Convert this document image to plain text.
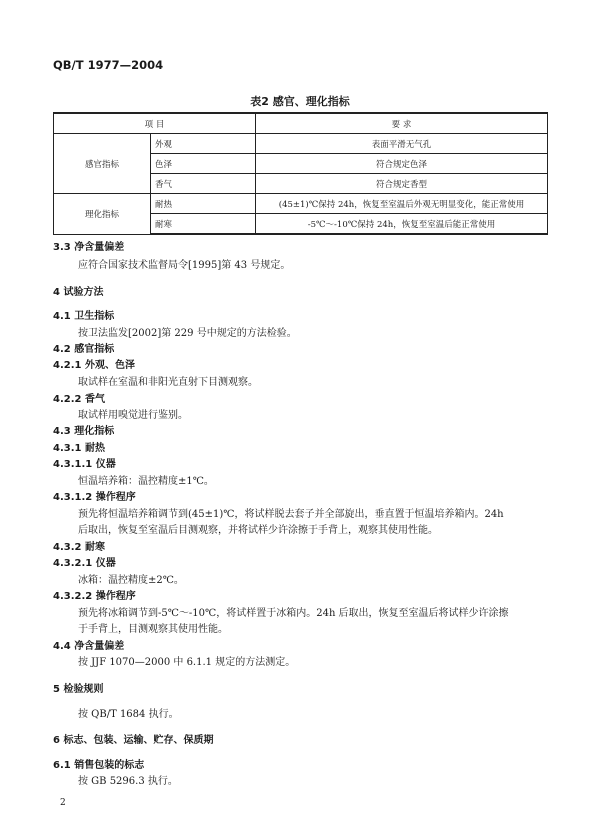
QB/T 1977—2004
表2 感官、理化指标
项 目		要 求
感官指标	外观	表面平滑无气孔
	色泽	符合规定色泽
	香气	符合规定香型
理化指标	耐热	(45±1)℃保持 24h，恢复至室温后外观无明显变化，能正常使用
	耐寒	-5℃～-10℃保持 24h，恢复至室温后能正常使用
3.3 净含量偏差
应符合国家技术监督局令[1995]第 43 号规定。
4 试验方法
4.1 卫生指标
按卫法监发[2002]第 229 号中规定的方法检验。
4.2 感官指标
4.2.1 外观、色泽
取试样在室温和非阳光直射下目测观察。
4.2.2 香气
取试样用嗅觉进行鉴别。
4.3 理化指标
4.3.1 耐热
4.3.1.1 仪器
恒温培养箱：温控精度±1℃。
4.3.1.2 操作程序
预先将恒温培养箱调节到(45±1)℃，将试样脱去套子并全部旋出，垂直置于恒温培养箱内。24h
后取出，恢复至室温后目测观察，并将试样少许涂擦于手背上，观察其使用性能。
4.3.2 耐寒
4.3.2.1 仪器
冰箱：温控精度±2℃。
4.3.2.2 操作程序
预先将冰箱调节到-5℃～-10℃，将试样置于冰箱内。24h 后取出，恢复至室温后将试样少许涂擦
于手背上，目测观察其使用性能。
4.4 净含量偏差
按 JJF 1070—2000 中 6.1.1 规定的方法测定。
5 检验规则
按 QB/T 1684 执行。
6 标志、包装、运输、贮存、保质期
6.1 销售包装的标志
按 GB 5296.3 执行。
2
